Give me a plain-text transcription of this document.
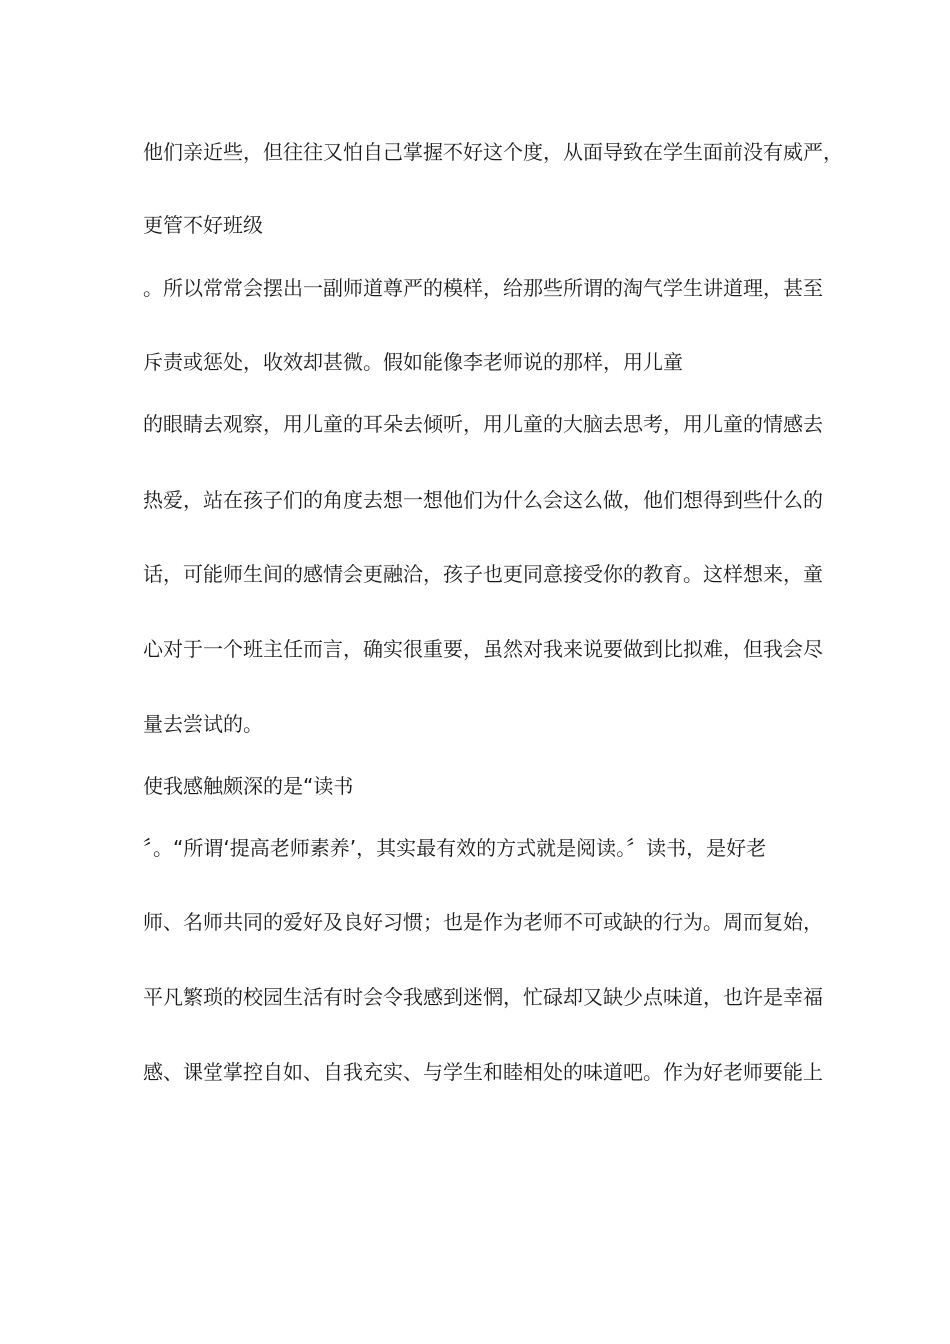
他们亲近些，但往往又怕自己掌握不好这个度，从面导致在学生面前没有威严，
更管不好班级
。所以常常会摆出一副师道尊严的模样，给那些所谓的淘气学生讲道理，甚至
斥责或惩处，收效却甚微。假如能像李老师说的那样，用儿童
的眼睛去观察，用儿童的耳朵去倾听，用儿童的大脑去思考，用儿童的情感去
热爱，站在孩子们的角度去想一想他们为什么会这么做，他们想得到些什么的
话，可能师生间的感情会更融洽，孩子也更同意接受你的教育。这样想来，童
心对于一个班主任而言，确实很重要，虽然对我来说要做到比拟难，但我会尽
量去尝试的。
使我感触颇深的是“读书
〞。“所谓‘提高老师素养’，其实最有效的方式就是阅读。〞读书，是好老
师、名师共同的爱好及良好习惯；也是作为老师不可或缺的行为。周而复始，
平凡繁琐的校园生活有时会令我感到迷惘，忙碌却又缺少点味道，也许是幸福
感、课堂掌控自如、自我充实、与学生和睦相处的味道吧。作为好老师要能上
